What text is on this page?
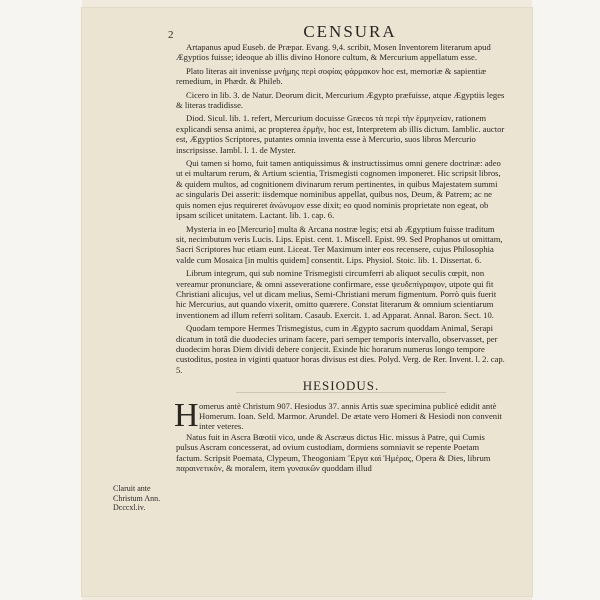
CENSURA
2

Artapanus apud Euseb. de Præpar. Evang. 9,4. scribit, Mosen Inventorem literarum apud Ægyptios fuisse; ideoque ab illis divino Honore cultum, & Mercurium appellatum esse.

Plato literas ait invenisse μνήμης περὶ σοφίας φάρμακον hoc est, memoriæ & sapientiæ remedium, in Phædr. & Phileb.

Cicero in lib. 3. de Natur. Deorum dicit, Mercurium Ægypto præfuisse, atque Ægyptiis leges & literas tradidisse.

Diod. Sicul. lib. 1. refert, Mercurium docuisse Græcos τὰ περὶ τὴν ἑρμηνείαν, rationem explicandi sensa animi, ac propterea ἑρμῆν, hoc est, Interpretem ab illis dictum. Iamblic. auctor est, Ægyptios Scriptores, putantes omnia inventa esse à Mercurio, suos libros Mercurio inscripsisse. Iambl. l. 1. de Myster.

Qui tamen si homo, fuit tamen antiquissimus & instructissimus omni genere doctrinæ: adeo ut ei multarum rerum, & Artium scientia, Trismegisti cognomen imponeret. Hic scripsit libros, & quidem multos, ad cognitionem divinarum rerum pertinentes, in quibus Majestatem summi ac singularis Dei asserit: iisdemque nominibus appellat, quibus nos, Deum, & Patrem; ac ne quis nomen ejus requireret ἀνώνυμον esse dixit; eo quod nominis proprietate non egeat, ob ipsam scilicet unitatem. Lactant. lib. 1. cap. 6.

Mysteria in eo [Mercurio] multa & Arcana nostræ legis; etsi ab Ægyptium fuisse traditum sit, necimbutum veris Lucis. Lips. Epist. cent. 1. Miscell. Epist. 99. Sed Prophanos ut omittam, Sacri Scriptores huc etiam eunt. Liceat. Ter Maximum inter eos recensere, cujus Philosophia valde cum Mosaica [in multis quidem] consentit. Lips. Physiol. Stoic. lib. 1. Dissertat. 6.

Librum integrum, qui sub nomine Trismegisti circumferri ab aliquot seculis cœpit, non vereamur pronunciare, & omni asseveratione confirmare, esse ψευδεπίγραφον, utpote qui fit Christiani alicujus, vel ut dicam melius, Semi-Christiani merum figmentum. Porrò quis fuerit hic Mercurius, aut quando vixerit, omitto quærere. Constat literarum & omnium scientiarum inventionem ad illum referri solitam. Casaub. Exercit. 1. ad Apparat. Annal. Baron. Sect. 10.

Quodam tempore Hermes Trismegistus, cum in Ægypto sacrum quoddam Animal, Serapi dicatum in totâ die duodecies urinam facere, pari semper temporis intervallo, observasset, per duodecim horas Diem dividi debere conjecit. Exinde hic horarum numerus longo tempore custoditus, postea in viginti quatuor horas divisus est dies. Polyd. Verg. de Rer. Invent. l. 2. cap. 5.

HESIODUS.
H omerus antè Christum 907. Hesiodus 37. annis Artis suæ specimina publicè edidit antè Homerum. Ioan. Seld. Marmor. Arundel. De ætate vero Homeri & Hesiodi non convenit inter veteres.

Natus fuit in Ascra Bœotii vico, unde & Ascræus dictus Hic. missus à Patre, qui Cumis pulsus Ascram concesserat, ad ovium custodiam, dormiens somniavit se repente Poetam factum. Scripsit Poemata, Clypeum, Theogoniam Ἔργα καὶ Ἡμέρας, Opera & Dies, librum παραινετικὸν, & moralem, item γυναικῶν quoddam illud

Claruit ante Christum Ann. Dcccxl.iv.
